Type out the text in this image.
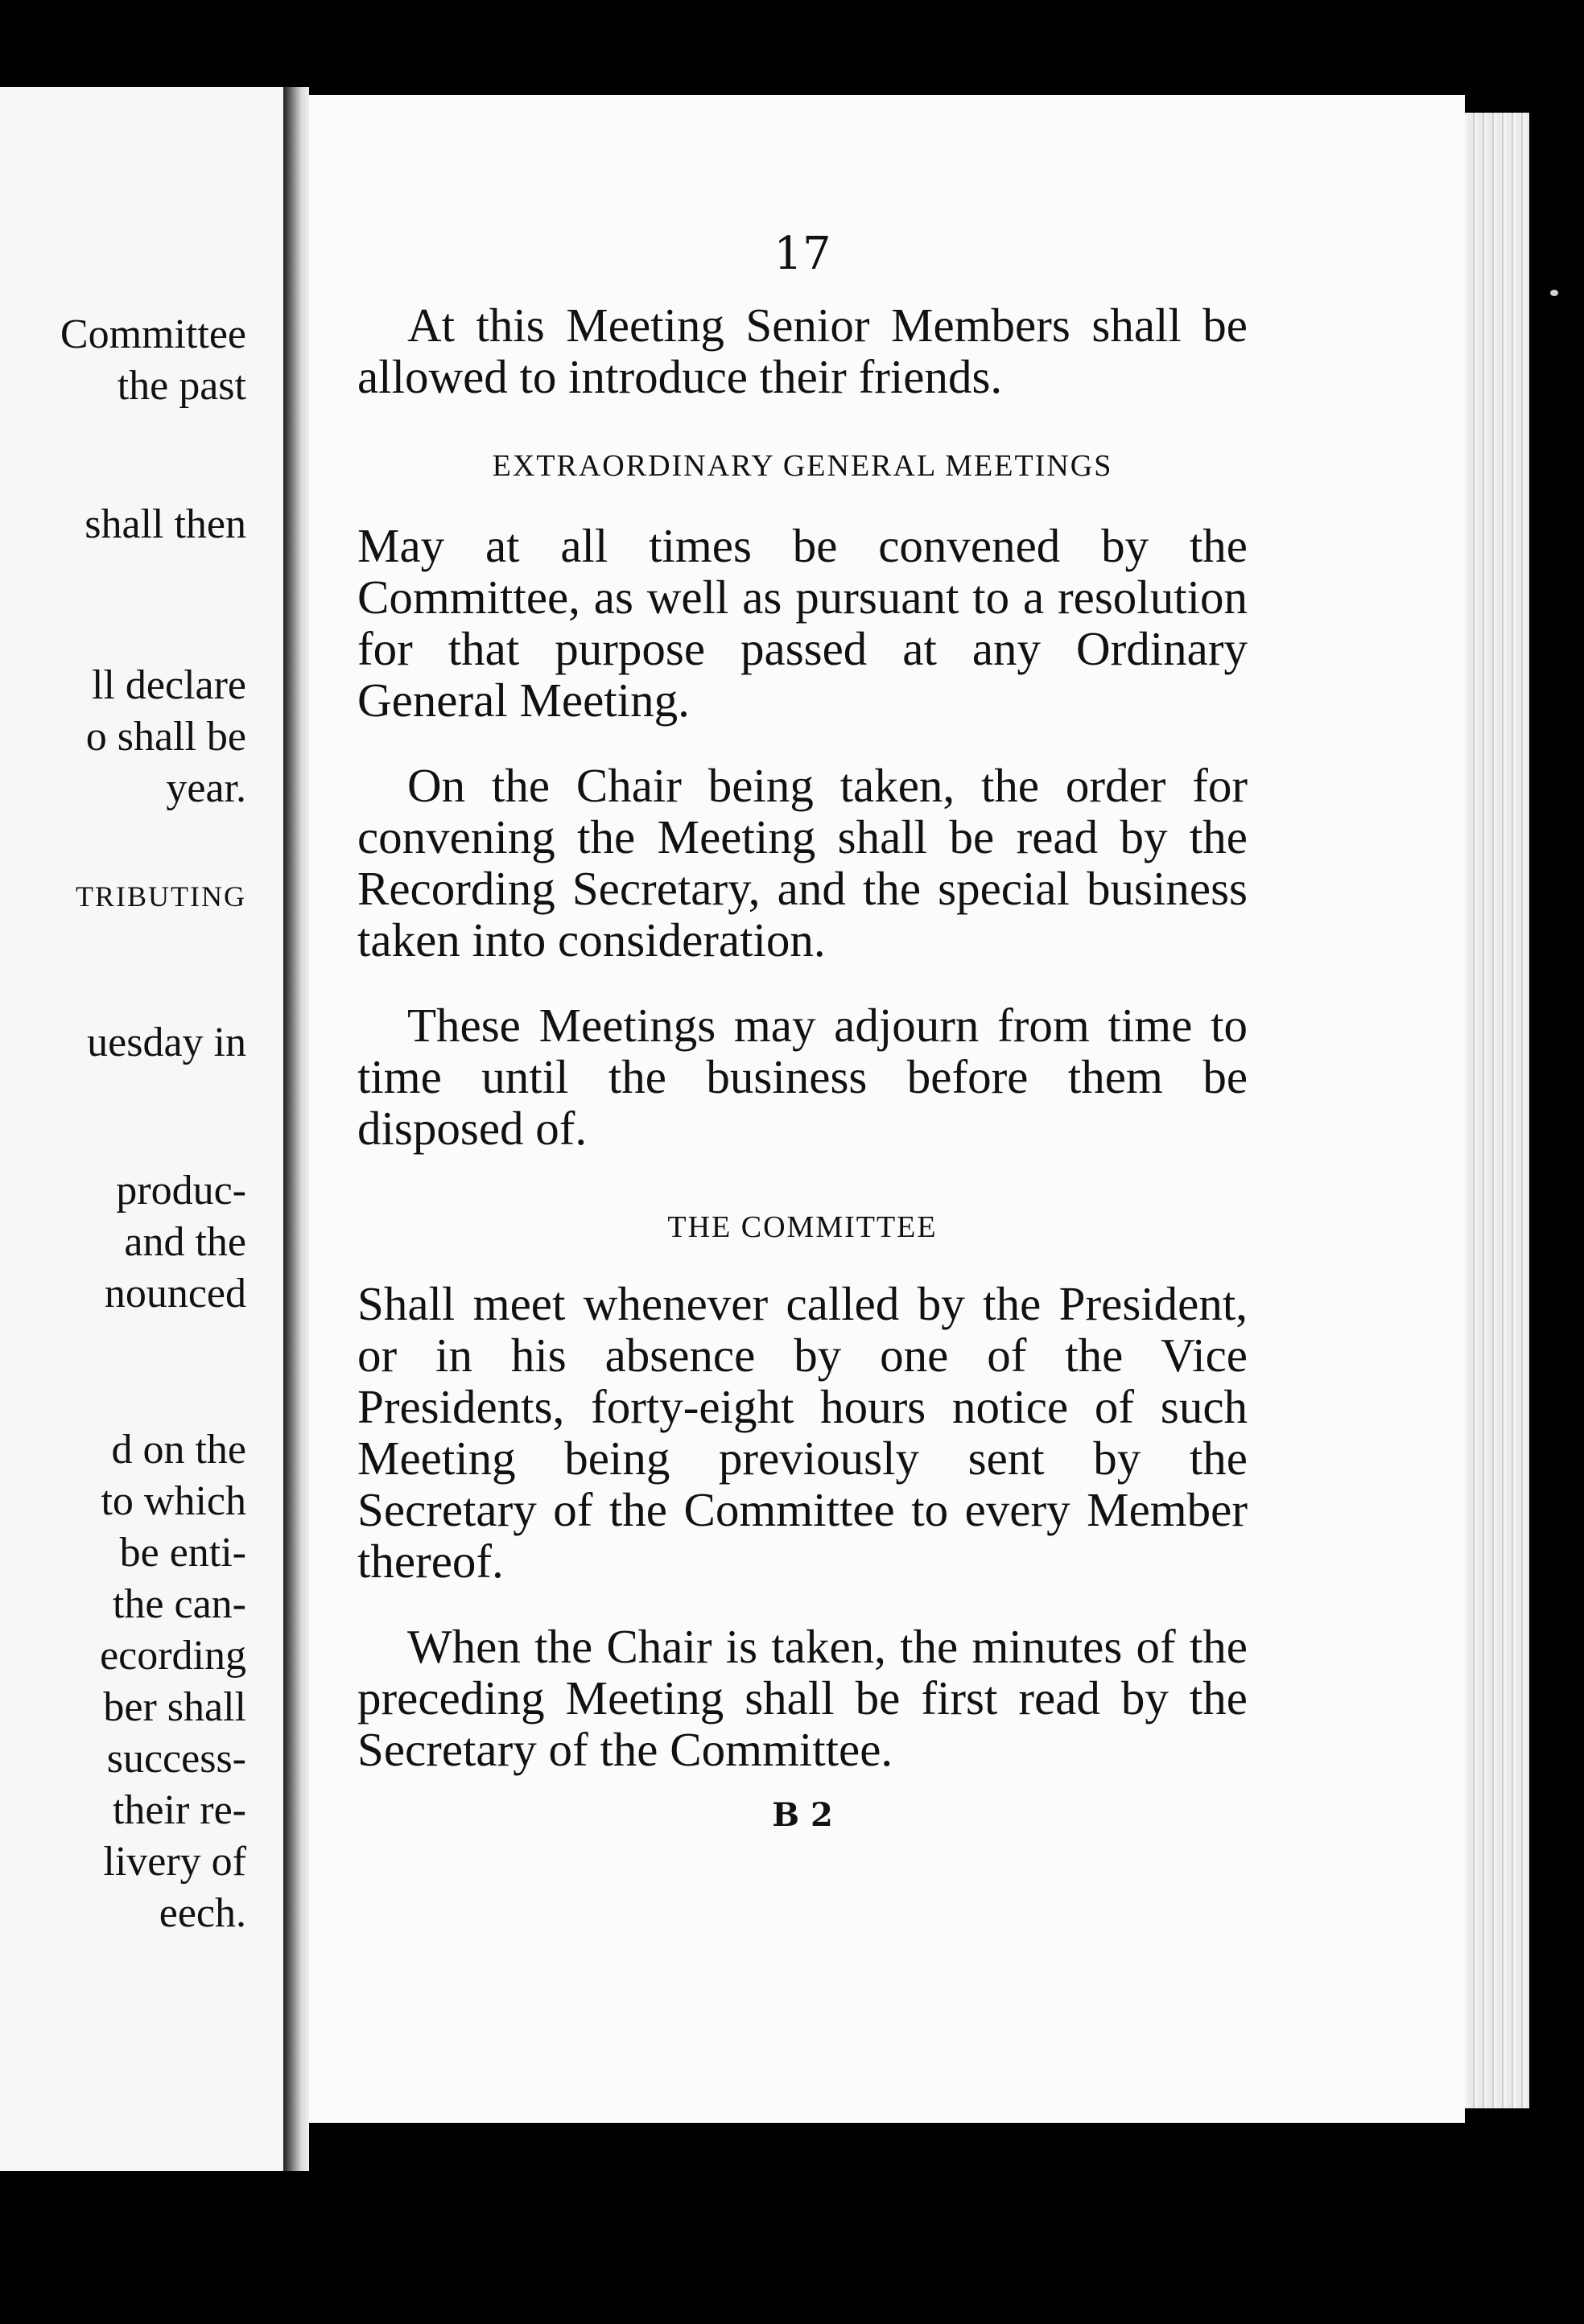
Committee
the past
shall then
ll declare
o shall be
year.
TRIBUTING
uesday in
produc-
and the
nounced
d on the
to which
be enti-
the can-
ecording
ber shall
success-
their re-
livery of
eech.
17

At this Meeting Senior Members shall be allowed to introduce their friends.

EXTRAORDINARY GENERAL MEETINGS

May at all times be convened by the Committee, as well as pursuant to a resolution for that purpose passed at any Ordinary General Meeting.

On the Chair being taken, the order for convening the Meeting shall be read by the Recording Secretary, and the special business taken into consideration.

These Meetings may adjourn from time to time until the business before them be disposed of.

THE COMMITTEE

Shall meet whenever called by the President, or in his absence by one of the Vice Presidents, forty-eight hours notice of such Meeting being previously sent by the Secretary of the Committee to every Member thereof.

When the Chair is taken, the minutes of the preceding Meeting shall be first read by the Secretary of the Committee.

B 2
